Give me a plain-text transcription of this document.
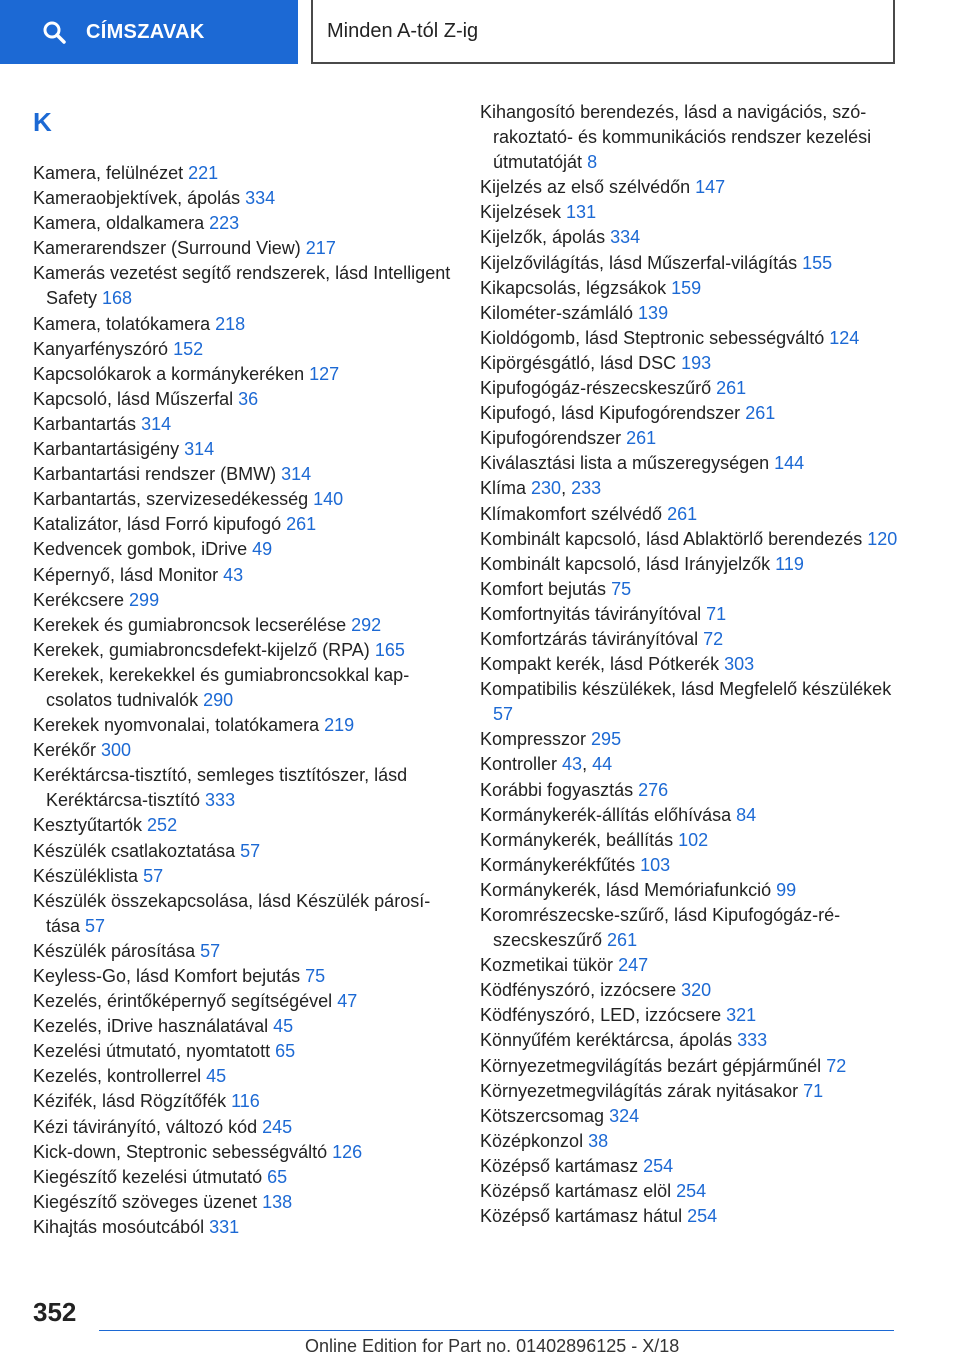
CÍMSZAVAK	Minden A-tól Z-ig
K
Kamera, felülnézet 221
Kameraobjektívek, ápolás 334
Kamera, oldalkamera 223
Kamerarendszer (Surround View) 217
Kamerás vezetést segítő rendszerek, lásd Intelligent Safety 168
Kamera, tolatókamera 218
Kanyarfényszóró 152
Kapcsolókarok a kormánykeréken 127
Kapcsoló, lásd Műszerfal 36
Karbantartás 314
Karbantartásigény 314
Karbantartási rendszer (BMW) 314
Karbantartás, szervizesedékesség 140
Katalizátor, lásd Forró kipufogó 261
Kedvencek gombok, iDrive 49
Képernyő, lásd Monitor 43
Kerékcsere 299
Kerekek és gumiabroncsok lecserélése 292
Kerekek, gumiabroncsdefekt-kijelző (RPA) 165
Kerekek, kerekekkel és gumiabroncsokkal kapcsolatos tudnivalók 290
Kerekek nyomvonalai, tolatókamera 219
Kerékőr 300
Keréktárcsa-tisztító, semleges tisztítószer, lásd Keréktárcsa-tisztító 333
Kesztyűtartók 252
Készülék csatlakoztatása 57
Készüléklista 57
Készülék összekapcsolása, lásd Készülék párosítása 57
Készülék párosítása 57
Keyless-Go, lásd Komfort bejutás 75
Kezelés, érintőképernyő segítségével 47
Kezelés, iDrive használatával 45
Kezelési útmutató, nyomtatott 65
Kezelés, kontrollerrel 45
Kézifék, lásd Rögzítőfék 116
Kézi távirányító, változó kód 245
Kick-down, Steptronic sebességváltó 126
Kiegészítő kezelési útmutató 65
Kiegészítő szöveges üzenet 138
Kihajtás mosóutcából 331
Kihangosító berendezés, lásd a navigációs, szórakoztató- és kommunikációs rendszer kezelési útmutatóját 8
Kijelzés az első szélvédőn 147
Kijelzések 131
Kijelzők, ápolás 334
Kijelzővilágítás, lásd Műszerfal-világítás 155
Kikapcsolás, légzsákok 159
Kilométer-számláló 139
Kioldógomb, lásd Steptronic sebességváltó 124
Kipörgésgátló, lásd DSC 193
Kipufogógáz-részecskeszűrő 261
Kipufogó, lásd Kipufogórendszer 261
Kipufogórendszer 261
Kiválasztási lista a műszeregységen 144
Klíma 230, 233
Klímakomfort szélvédő 261
Kombinált kapcsoló, lásd Ablaktörlő berendezés 120
Kombinált kapcsoló, lásd Irányjelzők 119
Komfort bejutás 75
Komfortnyitás távirányítóval 71
Komfortzárás távirányítóval 72
Kompakt kerék, lásd Pótkerék 303
Kompatibilis készülékek, lásd Megfelelő készülékek 57
Kompresszor 295
Kontroller 43, 44
Korábbi fogyasztás 276
Kormánykerék-állítás előhívása 84
Kormánykerék, beállítás 102
Kormánykerékfűtés 103
Kormánykerék, lásd Memóriafunkció 99
Koromrészecske-szűrő, lásd Kipufogógáz-részecskeszűrő 261
Kozmetikai tükör 247
Ködfényszóró, izzócsere 320
Ködfényszóró, LED, izzócsere 321
Könnyűfém keréktárcsa, ápolás 333
Környezetmegvilágítás bezárt gépjárműnél 72
Környezetmegvilágítás zárak nyitásakor 71
Kötszercsomag 324
Középkonzol 38
Középső kartámasz 254
Középső kartámasz elöl 254
Középső kartámasz hátul 254
352
Online Edition for Part no. 01402896125 - X/18
